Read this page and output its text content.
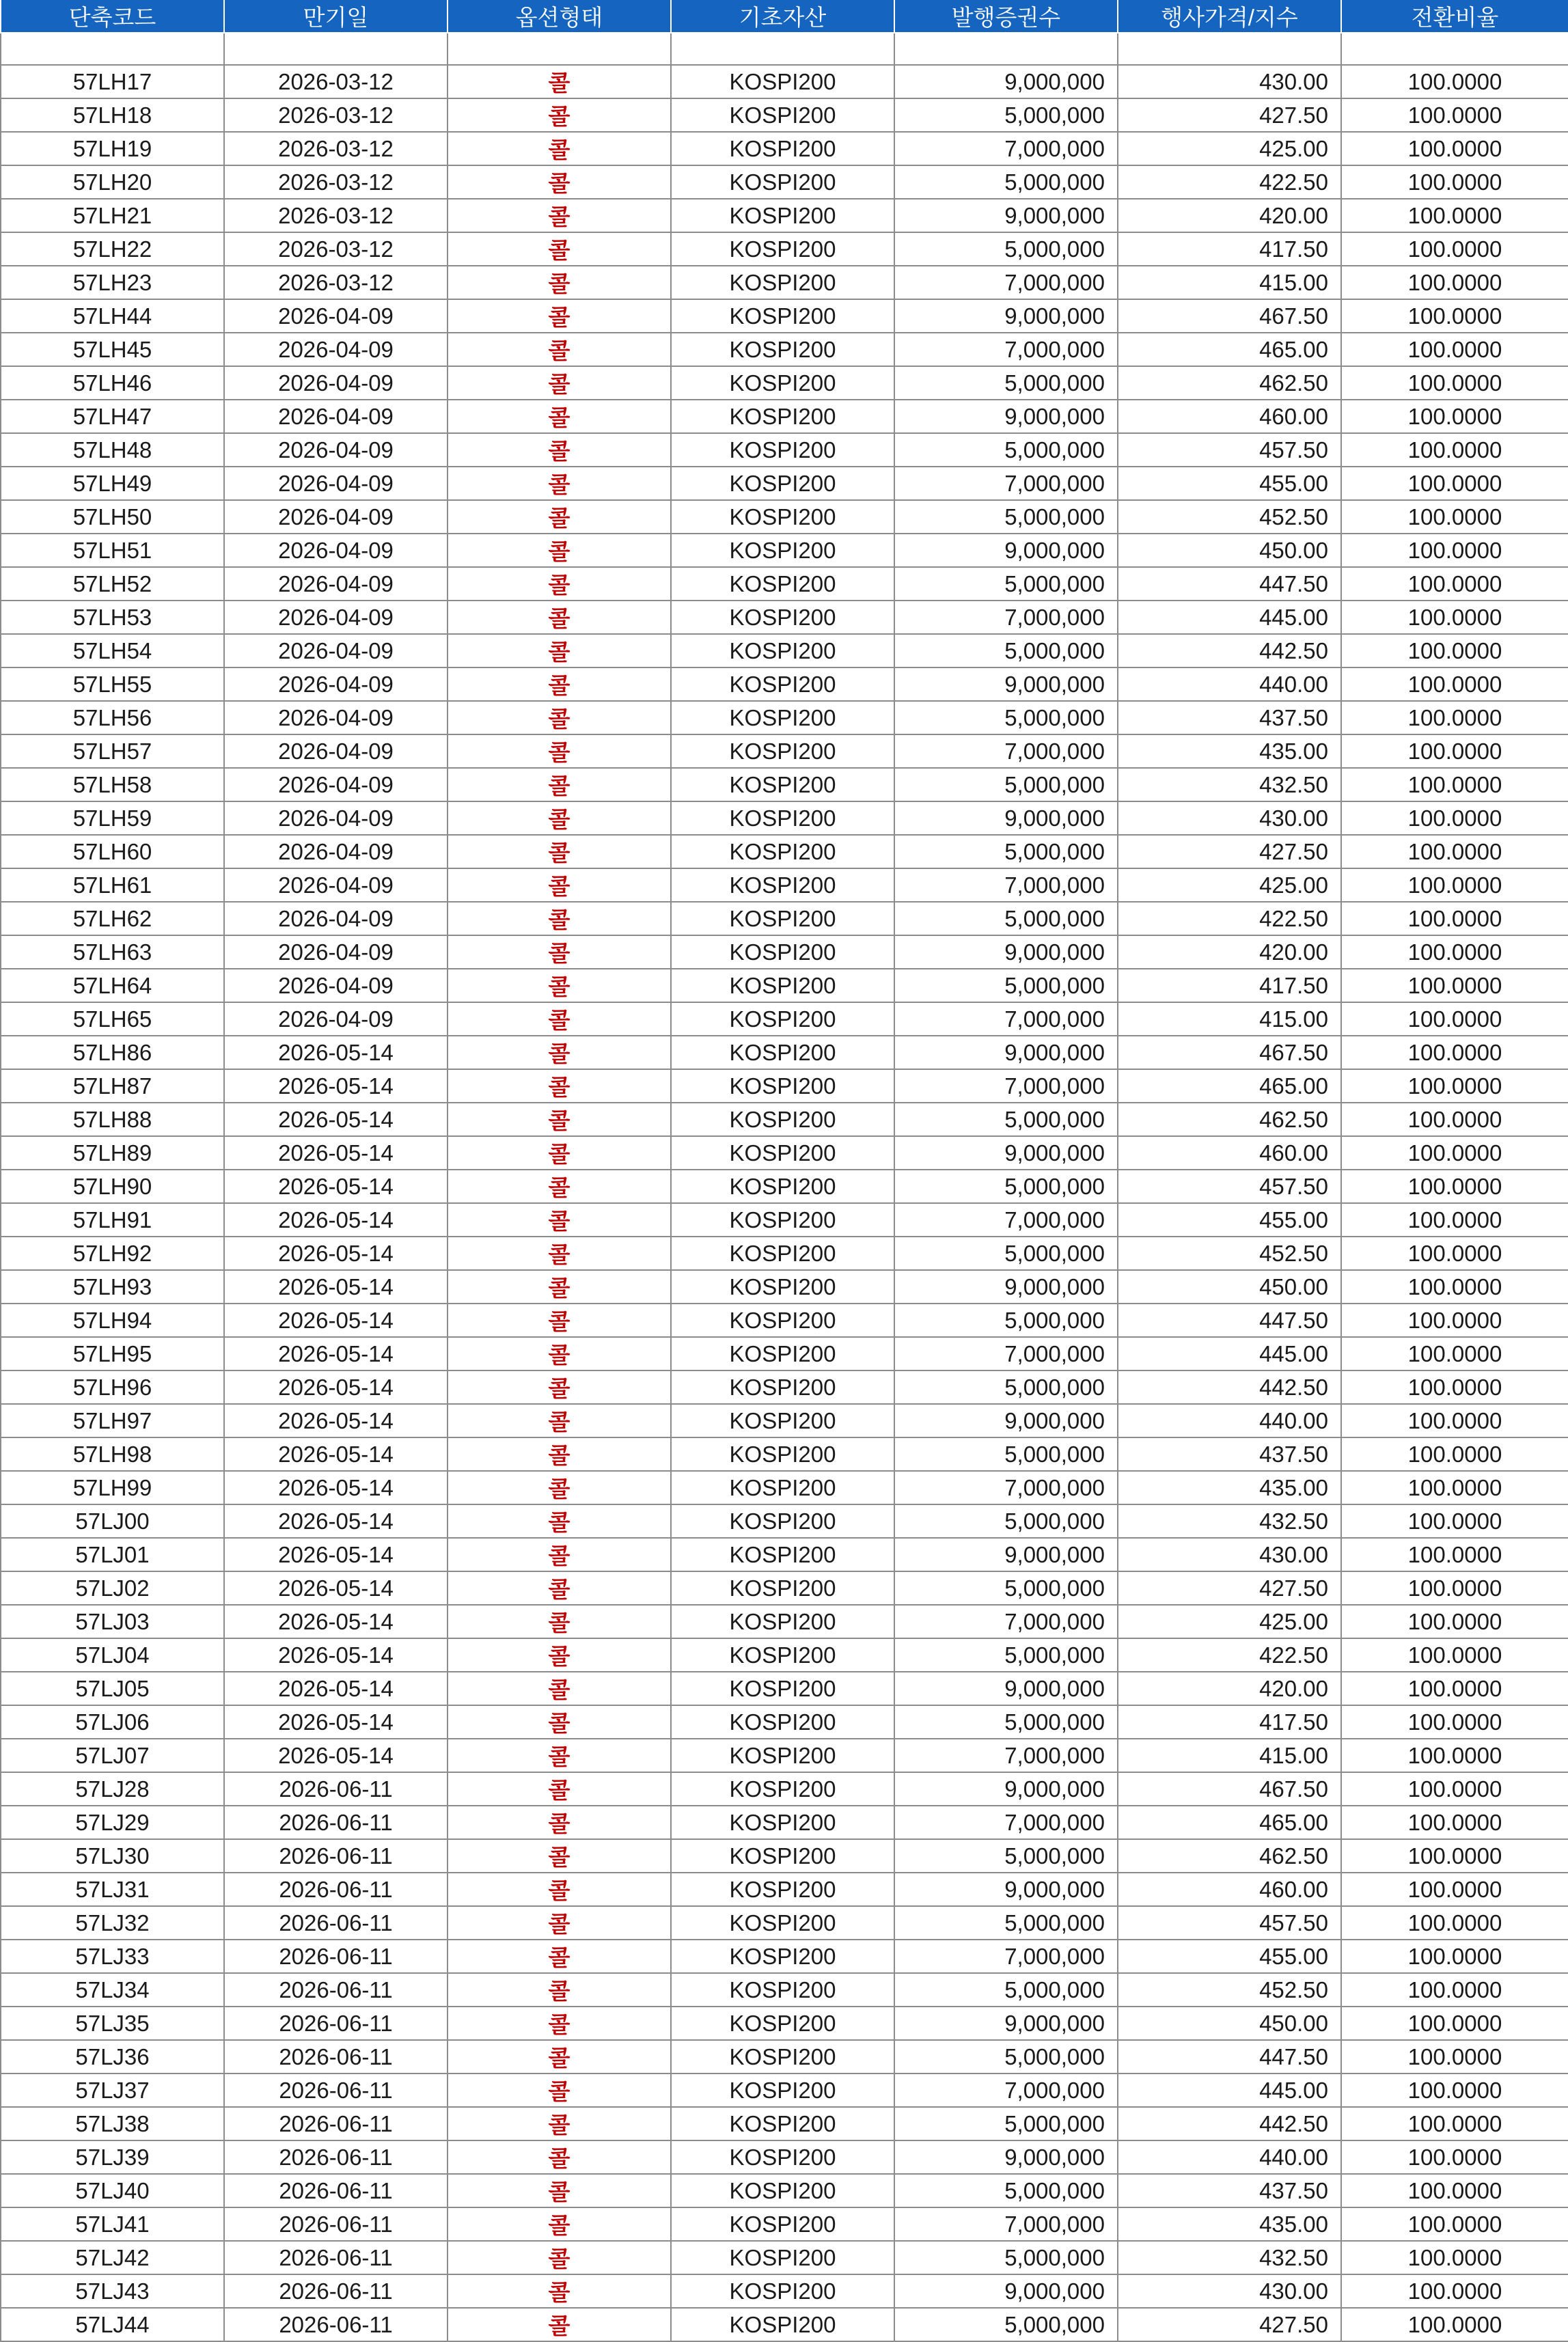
단축코드	만기일	옵션형태	기초자산	발행증권수	행사가격/지수	전환비율

57LH17	2026-03-12	콜	KOSPI200	9,000,000	430.00	100.0000
57LH18	2026-03-12	콜	KOSPI200	5,000,000	427.50	100.0000
57LH19	2026-03-12	콜	KOSPI200	7,000,000	425.00	100.0000
57LH20	2026-03-12	콜	KOSPI200	5,000,000	422.50	100.0000
57LH21	2026-03-12	콜	KOSPI200	9,000,000	420.00	100.0000
57LH22	2026-03-12	콜	KOSPI200	5,000,000	417.50	100.0000
57LH23	2026-03-12	콜	KOSPI200	7,000,000	415.00	100.0000
57LH44	2026-04-09	콜	KOSPI200	9,000,000	467.50	100.0000
57LH45	2026-04-09	콜	KOSPI200	7,000,000	465.00	100.0000
57LH46	2026-04-09	콜	KOSPI200	5,000,000	462.50	100.0000
57LH47	2026-04-09	콜	KOSPI200	9,000,000	460.00	100.0000
57LH48	2026-04-09	콜	KOSPI200	5,000,000	457.50	100.0000
57LH49	2026-04-09	콜	KOSPI200	7,000,000	455.00	100.0000
57LH50	2026-04-09	콜	KOSPI200	5,000,000	452.50	100.0000
57LH51	2026-04-09	콜	KOSPI200	9,000,000	450.00	100.0000
57LH52	2026-04-09	콜	KOSPI200	5,000,000	447.50	100.0000
57LH53	2026-04-09	콜	KOSPI200	7,000,000	445.00	100.0000
57LH54	2026-04-09	콜	KOSPI200	5,000,000	442.50	100.0000
57LH55	2026-04-09	콜	KOSPI200	9,000,000	440.00	100.0000
57LH56	2026-04-09	콜	KOSPI200	5,000,000	437.50	100.0000
57LH57	2026-04-09	콜	KOSPI200	7,000,000	435.00	100.0000
57LH58	2026-04-09	콜	KOSPI200	5,000,000	432.50	100.0000
57LH59	2026-04-09	콜	KOSPI200	9,000,000	430.00	100.0000
57LH60	2026-04-09	콜	KOSPI200	5,000,000	427.50	100.0000
57LH61	2026-04-09	콜	KOSPI200	7,000,000	425.00	100.0000
57LH62	2026-04-09	콜	KOSPI200	5,000,000	422.50	100.0000
57LH63	2026-04-09	콜	KOSPI200	9,000,000	420.00	100.0000
57LH64	2026-04-09	콜	KOSPI200	5,000,000	417.50	100.0000
57LH65	2026-04-09	콜	KOSPI200	7,000,000	415.00	100.0000
57LH86	2026-05-14	콜	KOSPI200	9,000,000	467.50	100.0000
57LH87	2026-05-14	콜	KOSPI200	7,000,000	465.00	100.0000
57LH88	2026-05-14	콜	KOSPI200	5,000,000	462.50	100.0000
57LH89	2026-05-14	콜	KOSPI200	9,000,000	460.00	100.0000
57LH90	2026-05-14	콜	KOSPI200	5,000,000	457.50	100.0000
57LH91	2026-05-14	콜	KOSPI200	7,000,000	455.00	100.0000
57LH92	2026-05-14	콜	KOSPI200	5,000,000	452.50	100.0000
57LH93	2026-05-14	콜	KOSPI200	9,000,000	450.00	100.0000
57LH94	2026-05-14	콜	KOSPI200	5,000,000	447.50	100.0000
57LH95	2026-05-14	콜	KOSPI200	7,000,000	445.00	100.0000
57LH96	2026-05-14	콜	KOSPI200	5,000,000	442.50	100.0000
57LH97	2026-05-14	콜	KOSPI200	9,000,000	440.00	100.0000
57LH98	2026-05-14	콜	KOSPI200	5,000,000	437.50	100.0000
57LH99	2026-05-14	콜	KOSPI200	7,000,000	435.00	100.0000
57LJ00	2026-05-14	콜	KOSPI200	5,000,000	432.50	100.0000
57LJ01	2026-05-14	콜	KOSPI200	9,000,000	430.00	100.0000
57LJ02	2026-05-14	콜	KOSPI200	5,000,000	427.50	100.0000
57LJ03	2026-05-14	콜	KOSPI200	7,000,000	425.00	100.0000
57LJ04	2026-05-14	콜	KOSPI200	5,000,000	422.50	100.0000
57LJ05	2026-05-14	콜	KOSPI200	9,000,000	420.00	100.0000
57LJ06	2026-05-14	콜	KOSPI200	5,000,000	417.50	100.0000
57LJ07	2026-05-14	콜	KOSPI200	7,000,000	415.00	100.0000
57LJ28	2026-06-11	콜	KOSPI200	9,000,000	467.50	100.0000
57LJ29	2026-06-11	콜	KOSPI200	7,000,000	465.00	100.0000
57LJ30	2026-06-11	콜	KOSPI200	5,000,000	462.50	100.0000
57LJ31	2026-06-11	콜	KOSPI200	9,000,000	460.00	100.0000
57LJ32	2026-06-11	콜	KOSPI200	5,000,000	457.50	100.0000
57LJ33	2026-06-11	콜	KOSPI200	7,000,000	455.00	100.0000
57LJ34	2026-06-11	콜	KOSPI200	5,000,000	452.50	100.0000
57LJ35	2026-06-11	콜	KOSPI200	9,000,000	450.00	100.0000
57LJ36	2026-06-11	콜	KOSPI200	5,000,000	447.50	100.0000
57LJ37	2026-06-11	콜	KOSPI200	7,000,000	445.00	100.0000
57LJ38	2026-06-11	콜	KOSPI200	5,000,000	442.50	100.0000
57LJ39	2026-06-11	콜	KOSPI200	9,000,000	440.00	100.0000
57LJ40	2026-06-11	콜	KOSPI200	5,000,000	437.50	100.0000
57LJ41	2026-06-11	콜	KOSPI200	7,000,000	435.00	100.0000
57LJ42	2026-06-11	콜	KOSPI200	5,000,000	432.50	100.0000
57LJ43	2026-06-11	콜	KOSPI200	9,000,000	430.00	100.0000
57LJ44	2026-06-11	콜	KOSPI200	5,000,000	427.50	100.0000
